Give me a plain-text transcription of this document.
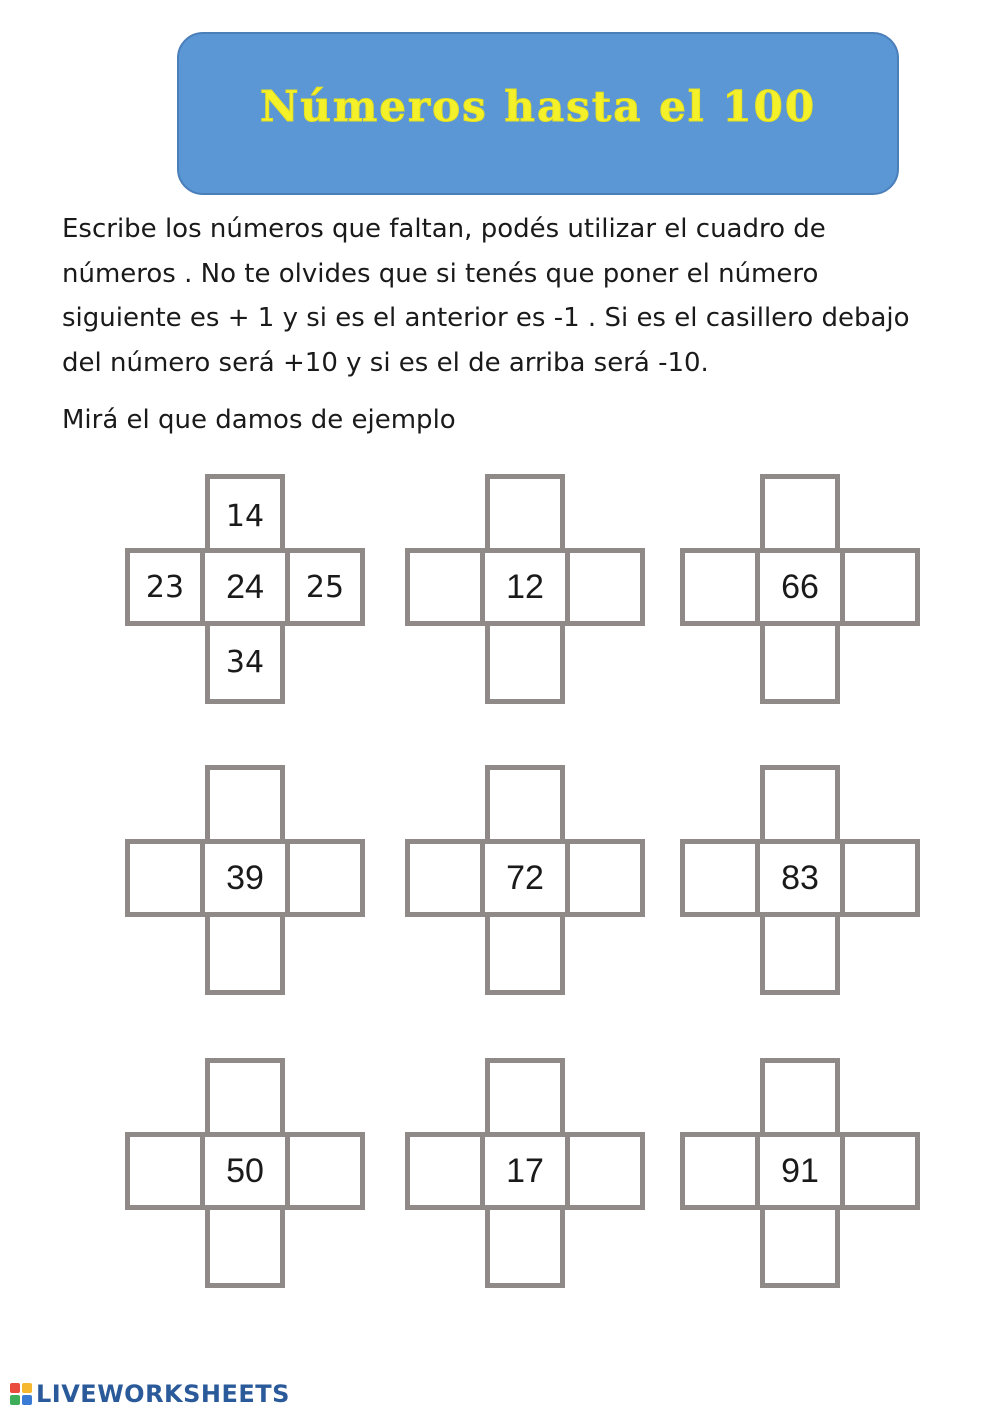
Números hasta el 100

Escribe los números que faltan, podés utilizar el cuadro de números . No te olvides que si tenés que poner el número siguiente es + 1 y si es el anterior es -1 . Si es el casillero debajo del número será +10 y si es el de arriba será -10.

Mirá el que damos de ejemplo

14
23	24	25
34
12	66
39	72	83
50	17	91
LIVEWORKSHEETS
